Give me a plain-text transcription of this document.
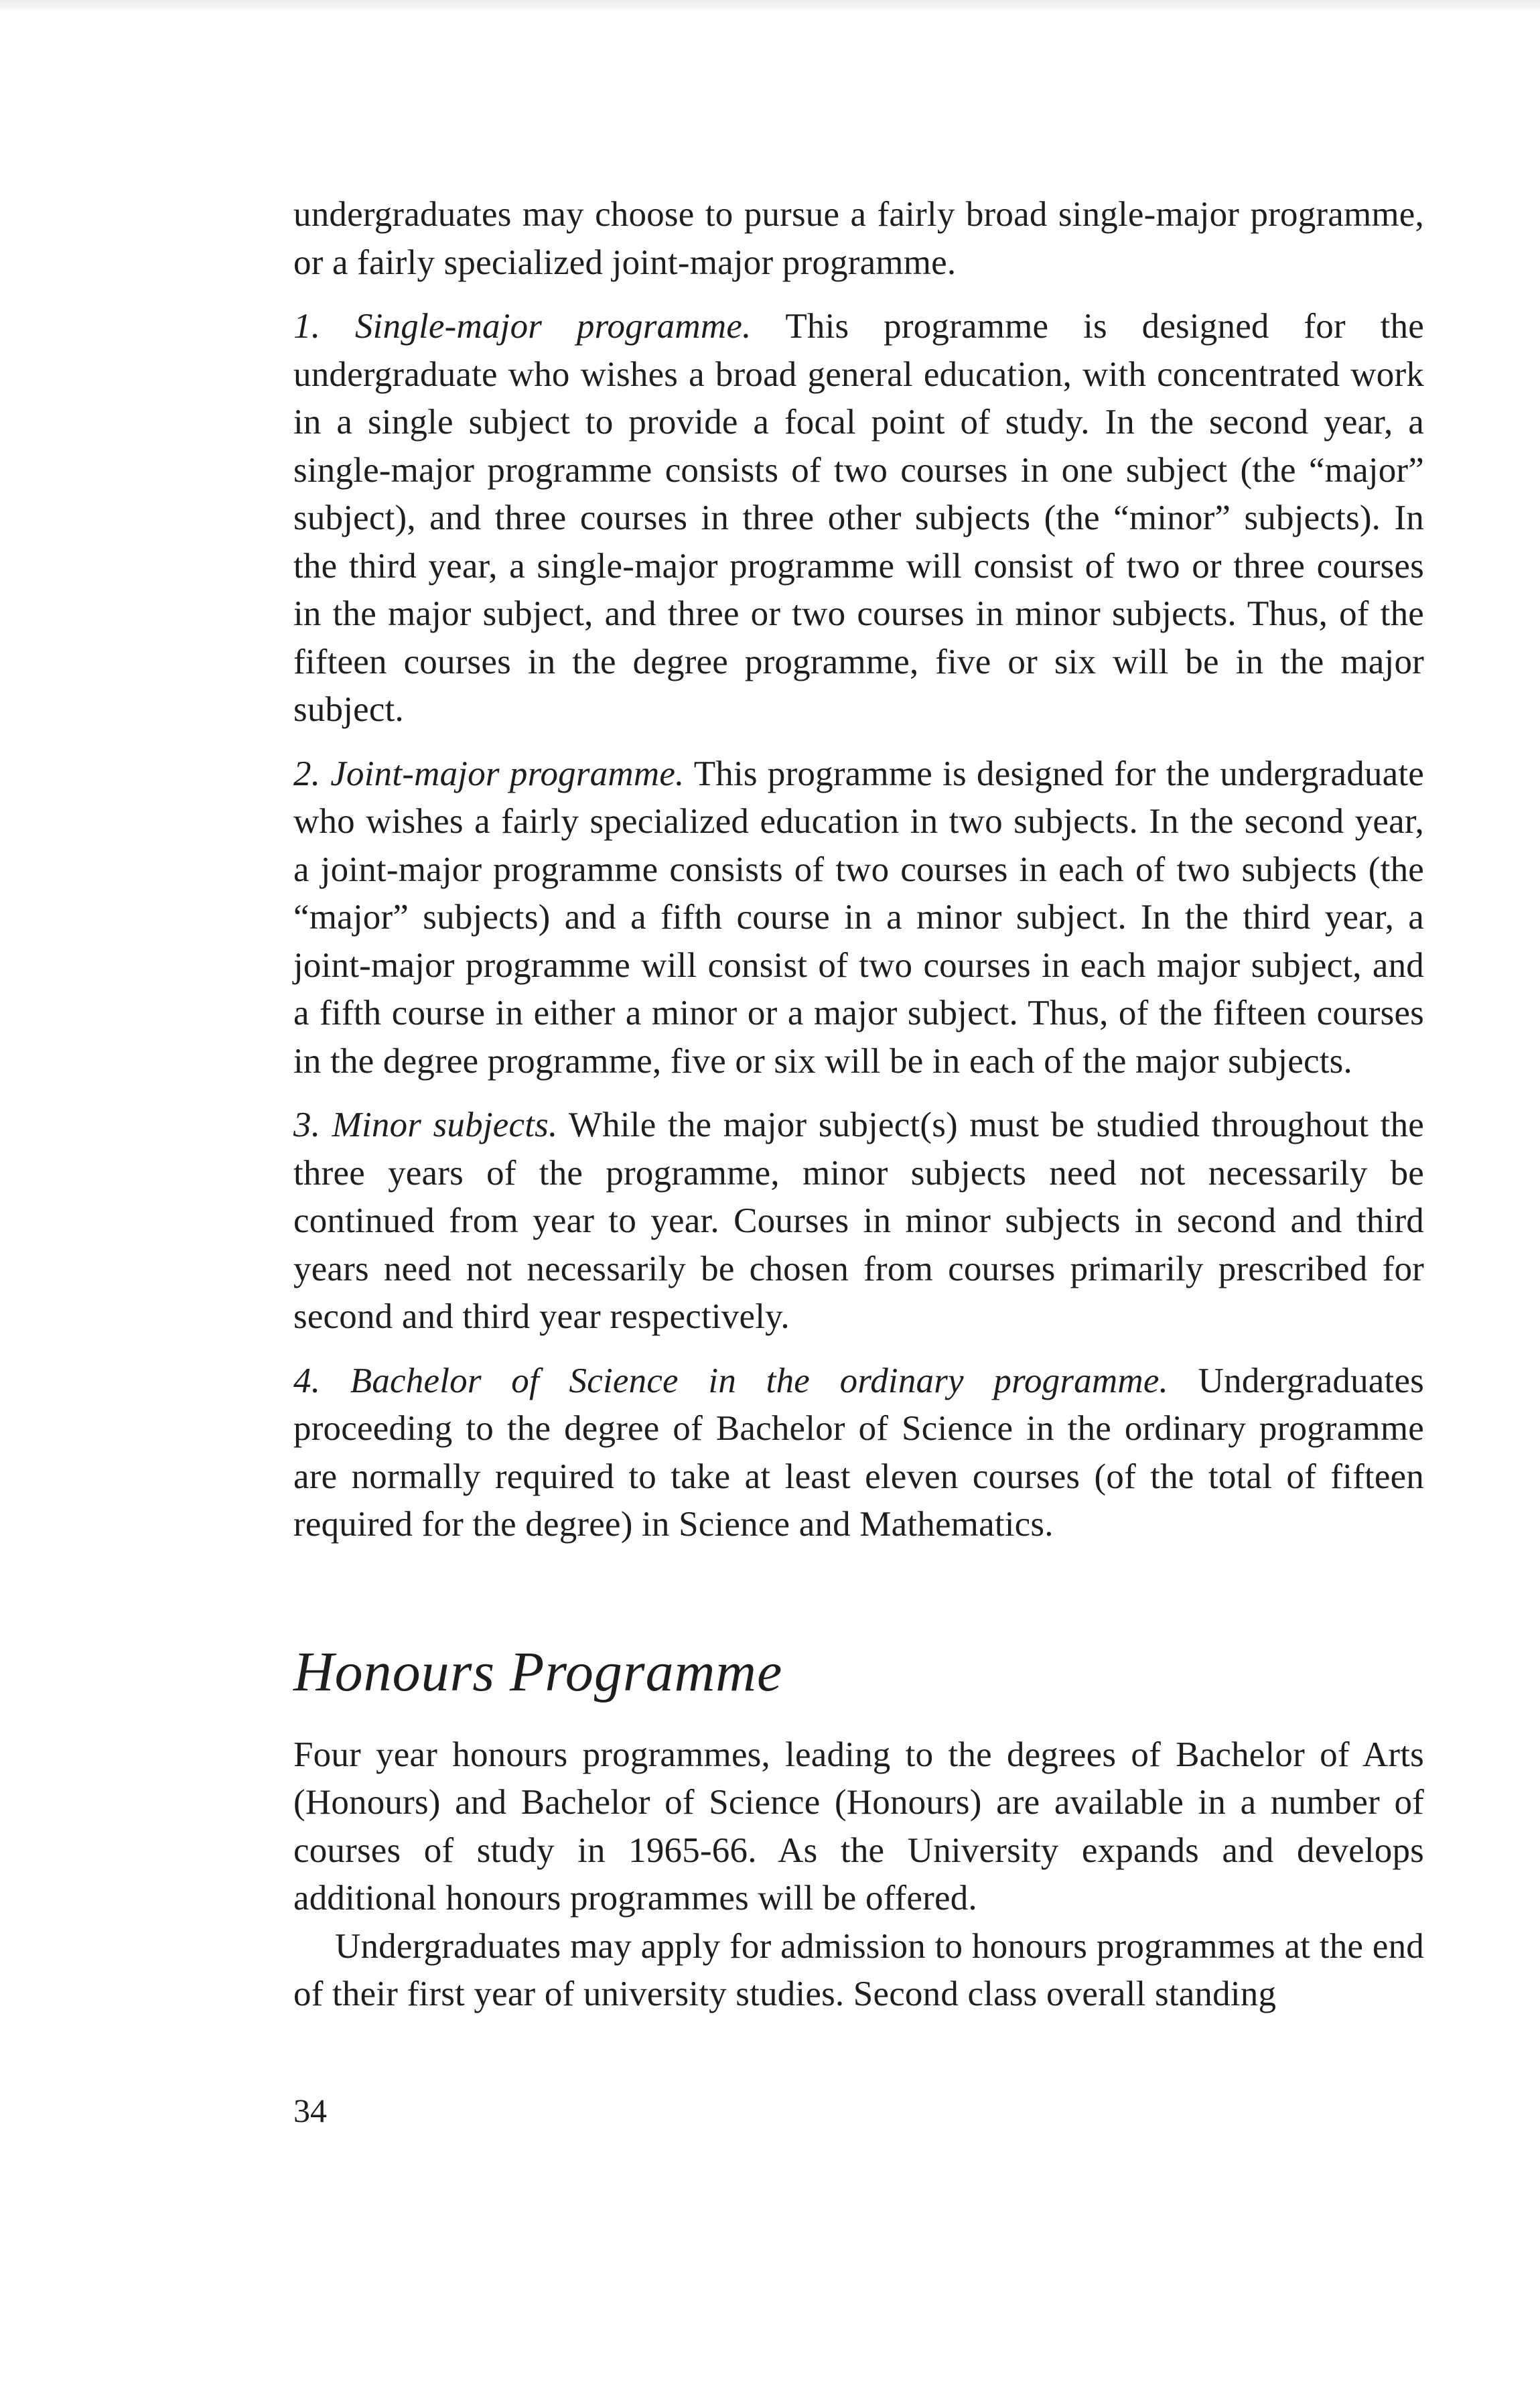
undergraduates may choose to pursue a fairly broad single-major programme, or a fairly specialized joint-major programme.

1. Single-major programme. This programme is designed for the undergraduate who wishes a broad general education, with concentrated work in a single subject to provide a focal point of study. In the second year, a single-major programme consists of two courses in one subject (the “major” subject), and three courses in three other subjects (the “minor” subjects). In the third year, a single-major programme will consist of two or three courses in the major subject, and three or two courses in minor subjects. Thus, of the fifteen courses in the degree programme, five or six will be in the major subject.

2. Joint-major programme. This programme is designed for the undergraduate who wishes a fairly specialized education in two subjects. In the second year, a joint-major programme consists of two courses in each of two subjects (the “major” subjects) and a fifth course in a minor subject. In the third year, a joint-major programme will consist of two courses in each major subject, and a fifth course in either a minor or a major subject. Thus, of the fifteen courses in the degree programme, five or six will be in each of the major subjects.

3. Minor subjects. While the major subject(s) must be studied throughout the three years of the programme, minor subjects need not necessarily be continued from year to year. Courses in minor subjects in second and third years need not necessarily be chosen from courses primarily prescribed for second and third year respectively.

4. Bachelor of Science in the ordinary programme. Undergraduates proceeding to the degree of Bachelor of Science in the ordinary programme are normally required to take at least eleven courses (of the total of fifteen required for the degree) in Science and Mathematics.

Honours Programme

Four year honours programmes, leading to the degrees of Bachelor of Arts (Honours) and Bachelor of Science (Honours) are available in a number of courses of study in 1965-66. As the University expands and develops additional honours programmes will be offered.

Undergraduates may apply for admission to honours programmes at the end of their first year of university studies. Second class overall standing

34
